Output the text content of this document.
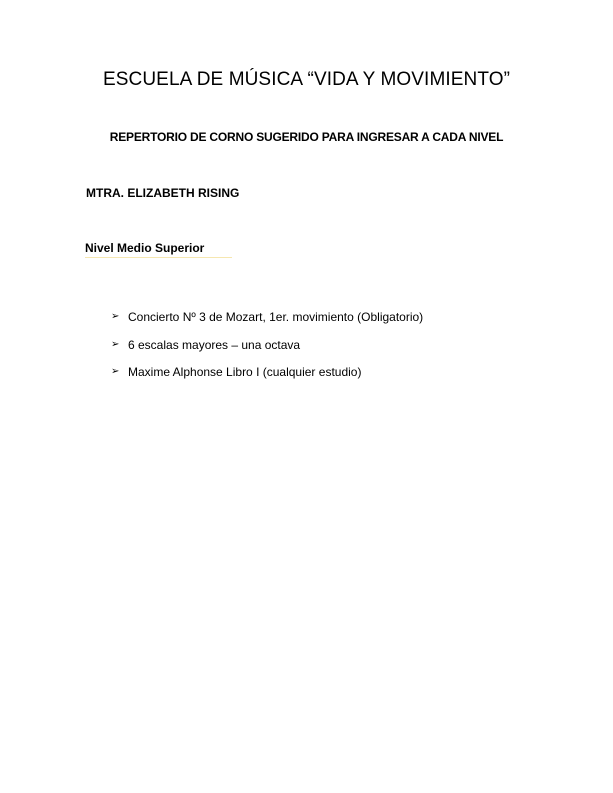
ESCUELA DE MÚSICA “VIDA Y MOVIMIENTO”
REPERTORIO DE CORNO SUGERIDO PARA INGRESAR A CADA NIVEL
MTRA. ELIZABETH RISING
Nivel Medio Superior
➢ Concierto Nº 3 de Mozart, 1er. movimiento (Obligatorio)
➢ 6 escalas mayores – una octava
➢ Maxime Alphonse Libro I (cualquier estudio)
